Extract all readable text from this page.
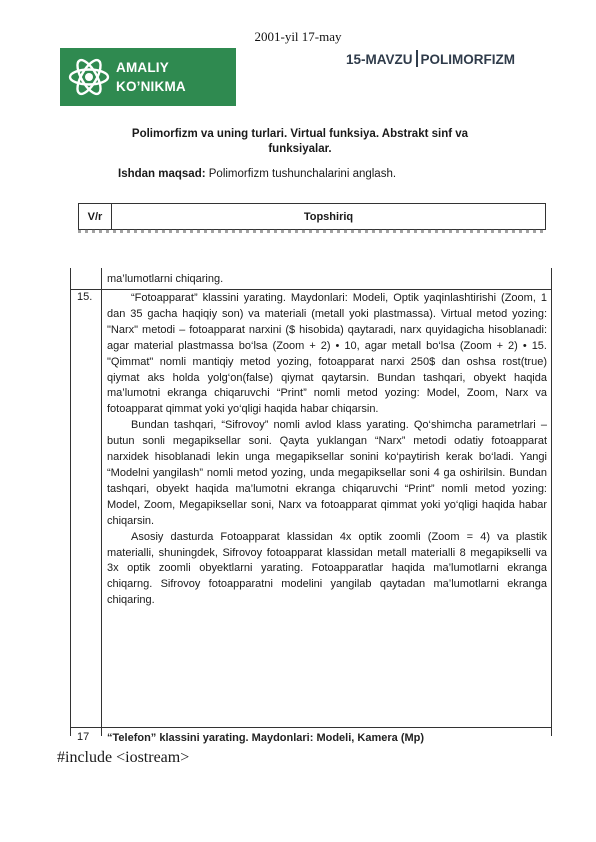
2001-yil 17-may
AMALIY
KO’NIKMA
15-MAVZU POLIMORFIZM
Polimorfizm va uning turlari. Virtual funksiya. Abstrakt sinf va funksiyalar.
Ishdan maqsad: Polimorfizm tushunchalarini anglash.
V/r	Topshiriq
ma’lumotlarni chiqaring.
15.	“Fotoapparat” klassini yarating. Maydonlari: Modeli, Optik yaqinlashtirishi (Zoom, 1 dan 35 gacha haqiqiy son) va materiali (metall yoki plastmassa). Virtual metod yozing: "Narx" metodi – fotoapparat narxini ($ hisobida) qaytaradi, narx quyidagicha hisoblanadi: agar material plastmassa bo‘lsa (Zoom + 2) • 10, agar metall bo‘lsa (Zoom + 2) • 15. "Qimmat" nomli mantiqiy metod yozing, fotoapparat narxi 250$ dan oshsa rost(true) qiymat aks holda yolg‘on(false) qiymat qaytarsin. Bundan tashqari, obyekt haqida ma’lumotni ekranga chiqaruvchi “Print” nomli metod yozing: Model, Zoom, Narx va fotoapparat qimmat yoki yo‘qligi haqida habar chiqarsin.

Bundan tashqari, “Sifrovoy” nomli avlod klass yarating. Qo‘shimcha parametrlari – butun sonli megapiksellar soni. Qayta yuklangan “Narx” metodi odatiy fotoapparat narxidek hisoblanadi lekin unga megapiksellar sonini ko‘paytirish kerak bo‘ladi. Yangi “Modelni yangilash” nomli metod yozing, unda megapiksellar soni 4 ga oshirilsin. Bundan tashqari, obyekt haqida ma’lumotni ekranga chiqaruvchi “Print” nomli metod yozing: Model, Zoom, Megapiksellar soni, Narx va fotoapparat qimmat yoki yo‘qligi haqida habar chiqarsin.

Asosiy dasturda Fotoapparat klassidan 4x optik zoomli (Zoom = 4) va plastik materialli, shuningdek, Sifrovoy fotoapparat klassidan metall materialli 8 megapikselli va 3x optik zoomli obyektlarni yarating. Fotoapparatlar haqida ma’lumotlarni ekranga chiqarng. Sifrovoy fotoapparatni modelini yangilab qaytadan ma’lumotlarni ekranga chiqaring.

17 “Telefon” klassini yarating. Maydonlari: Modeli, Kamera (Mp)
#include <iostream>
